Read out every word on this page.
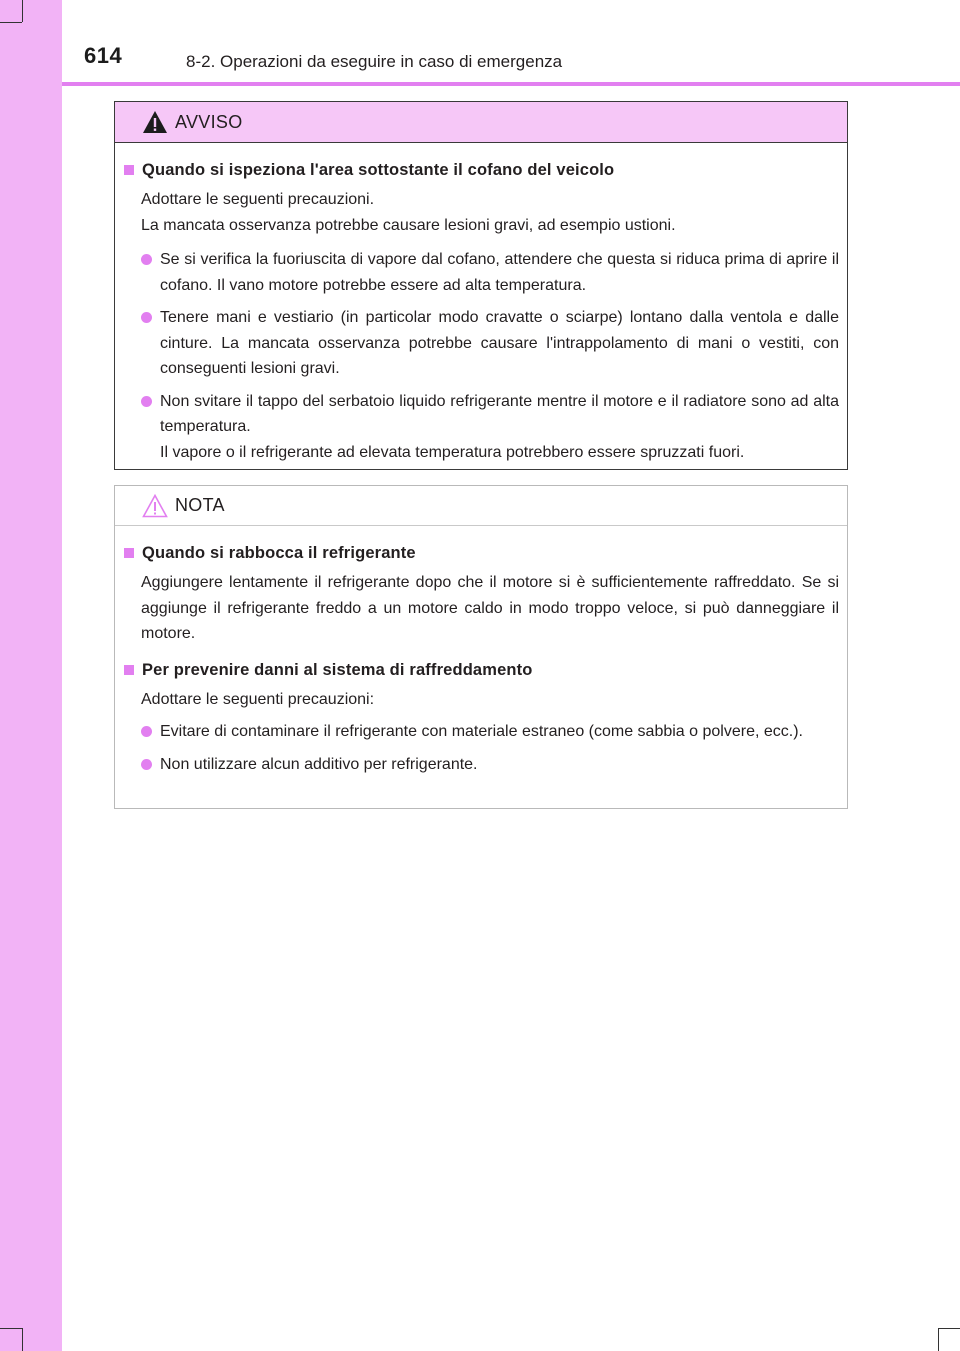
614	8-2. Operazioni da eseguire in caso di emergenza
AVVISO
Quando si ispeziona l'area sottostante il cofano del veicolo
Adottare le seguenti precauzioni.
La mancata osservanza potrebbe causare lesioni gravi, ad esempio ustioni.
Se si verifica la fuoriuscita di vapore dal cofano, attendere che questa si riduca prima di aprire il cofano. Il vano motore potrebbe essere ad alta temperatura.
Tenere mani e vestiario (in particolar modo cravatte o sciarpe) lontano dalla ventola e dalle cinture. La mancata osservanza potrebbe causare l'intrappolamento di mani o vestiti, con conseguenti lesioni gravi.
Non svitare il tappo del serbatoio liquido refrigerante mentre il motore e il radiatore sono ad alta temperatura.
Il vapore o il refrigerante ad elevata temperatura potrebbero essere spruzzati fuori.
NOTA
Quando si rabbocca il refrigerante
Aggiungere lentamente il refrigerante dopo che il motore si è sufficientemente raffreddato. Se si aggiunge il refrigerante freddo a un motore caldo in modo troppo veloce, si può danneggiare il motore.
Per prevenire danni al sistema di raffreddamento
Adottare le seguenti precauzioni:
Evitare di contaminare il refrigerante con materiale estraneo (come sabbia o polvere, ecc.).
Non utilizzare alcun additivo per refrigerante.
